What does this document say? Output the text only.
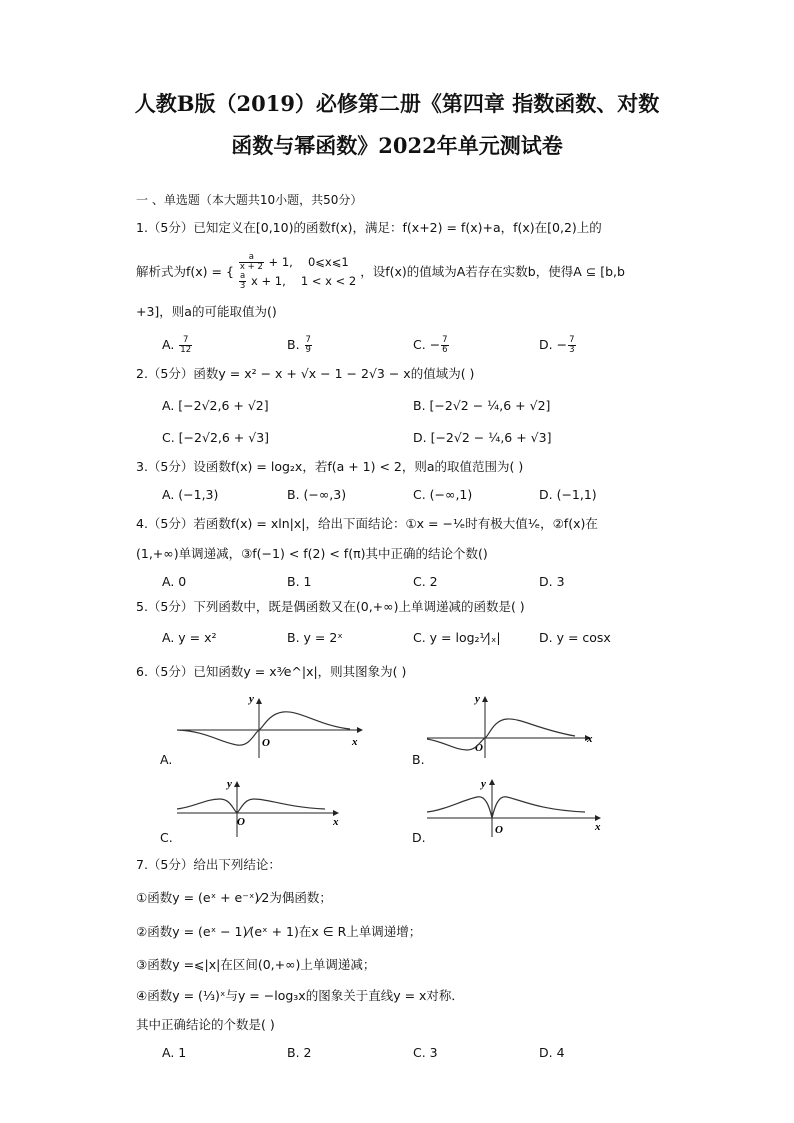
人教B版（2019）必修第二册《第四章 指数函数、对数
函数与幂函数》2022年单元测试卷
一 、单选题（本大题共10小题，共50分）
1.（5分）已知定义在[0,10)的函数f(x)，满足：f(x+2) = f(x)+a，f(x)在[0,2)上的
解析式为f(x) = { $\frac{a}{x + 2} + 1$,　 0⩽x⩽1
$\frac{a}{3}$ x + 1,　 1 < x < 2
，设f(x)的值域为A若存在实数b，使得A ⊆ [b,b
+3]，则a的可能取值为()
A. $\frac{7}{12}$	B. $\frac{7}{9}$	C. − $\frac{7}{6}$	D. − $\frac{7}{3}$
2.（5分）函数y = x² − x + √x − 1 − 2√3 − x的值域为( )
A. [−2√2,6 + √2]	B. [−2√2 − ¼,6 + √2]
C. [−2√2,6 + √3]	D. [−2√2 − ¼,6 + √3]
3.（5分）设函数f(x) = log₂x，若f(a + 1) < 2，则a的取值范围为( )
A. (−1,3)	B. (−∞,3)	C. (−∞,1)	D. (−1,1)
4.（5分）若函数f(x) = xln|x|，给出下面结论：①x = −¹⁄ₑ时有极大值¹⁄ₑ，②f(x)在
(1,+∞)单调递减，③f(−1) < f(2) < f(π)其中正确的结论个数()
A. 0	B. 1	C. 2	D. 3
5.（5分）下列函数中，既是偶函数又在(0,+∞)上单调递减的函数是( )
A. y = x²	B. y = 2ˣ	C. y = log₂¹⁄|ₓ|	D. y = cosx
6.（5分）已知函数y = x³⁄e^|x|，则其图象为( )
x
y
O
A.
x
y
O
B.
x
y
O
C.
x
y
O
D.
7.（5分）给出下列结论：
①函数y = (eˣ + e⁻ˣ)⁄2为偶函数；
②函数y = (eˣ − 1)⁄(eˣ + 1)在x ∈ R上单调递增；
③函数y =⩽|x|在区间(0,+∞)上单调递减；
④函数y = (⅓)ˣ与y = −log₃x的图象关于直线y = x对称．
其中正确结论的个数是( )
A. 1	B. 2	C. 3	D. 4
